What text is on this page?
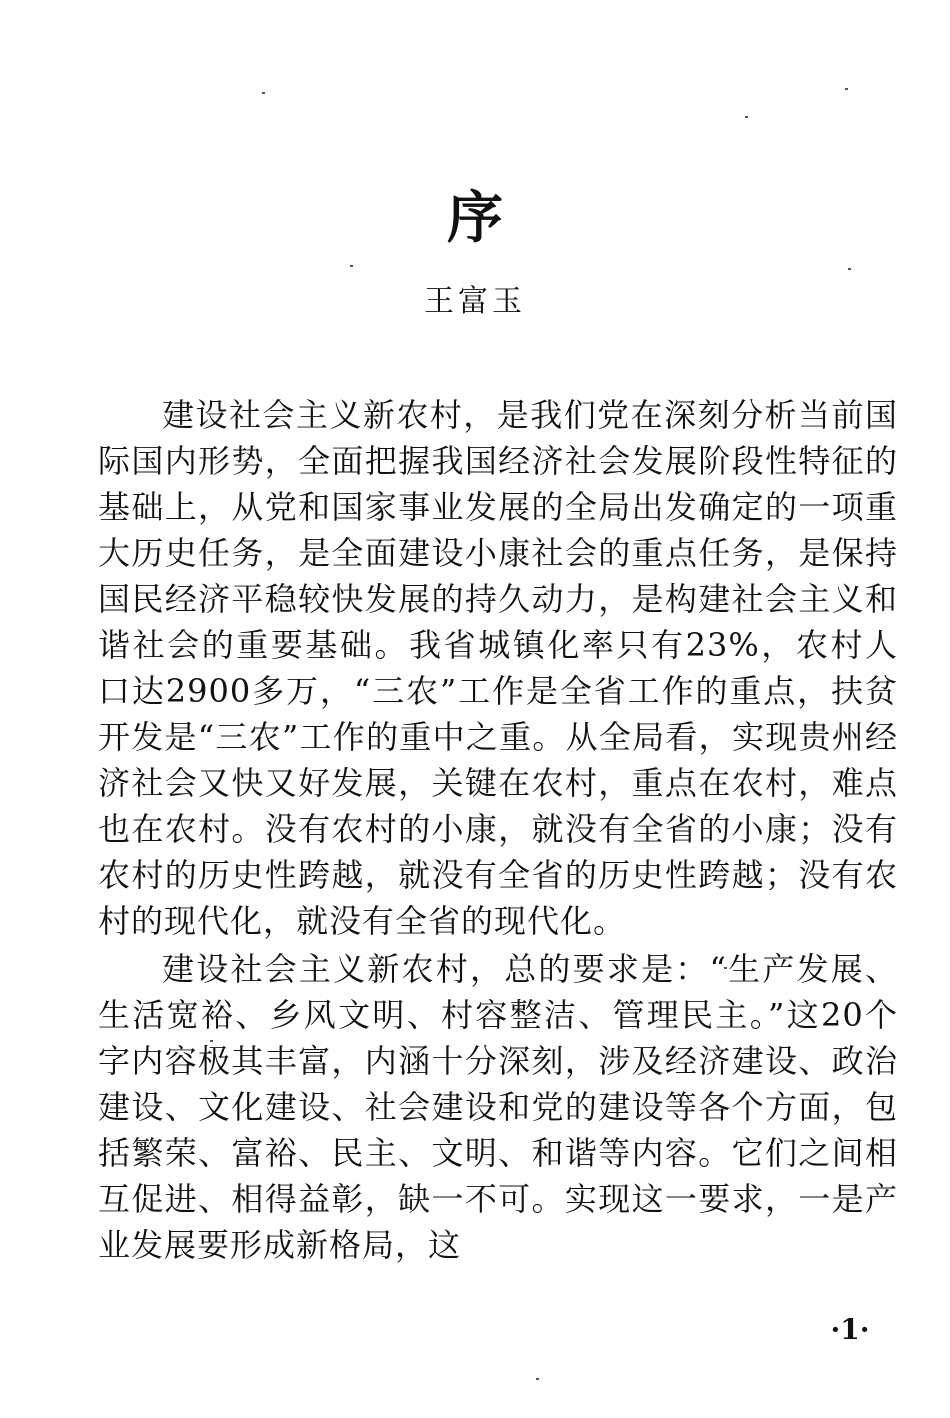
序
王富玉

建设社会主义新农村，是我们党在深刻分析当前国际国内形势，全面把握我国经济社会发展阶段性特征的基础上，从党和国家事业发展的全局出发确定的一项重大历史任务，是全面建设小康社会的重点任务，是保持国民经济平稳较快发展的持久动力，是构建社会主义和谐社会的重要基础。我省城镇化率只有23%，农村人口达2900多万，“三农”工作是全省工作的重点，扶贫开发是“三农”工作的重中之重。从全局看，实现贵州经济社会又快又好发展，关键在农村，重点在农村，难点也在农村。没有农村的小康，就没有全省的小康；没有农村的历史性跨越，就没有全省的历史性跨越；没有农村的现代化，就没有全省的现代化。

建设社会主义新农村，总的要求是：“生产发展、生活宽裕、乡风文明、村容整洁、管理民主。”这20个字内容极其丰富，内涵十分深刻，涉及经济建设、政治建设、文化建设、社会建设和党的建设等各个方面，包括繁荣、富裕、民主、文明、和谐等内容。它们之间相互促进、相得益彰，缺一不可。实现这一要求，一是产业发展要形成新格局，这

·1·
